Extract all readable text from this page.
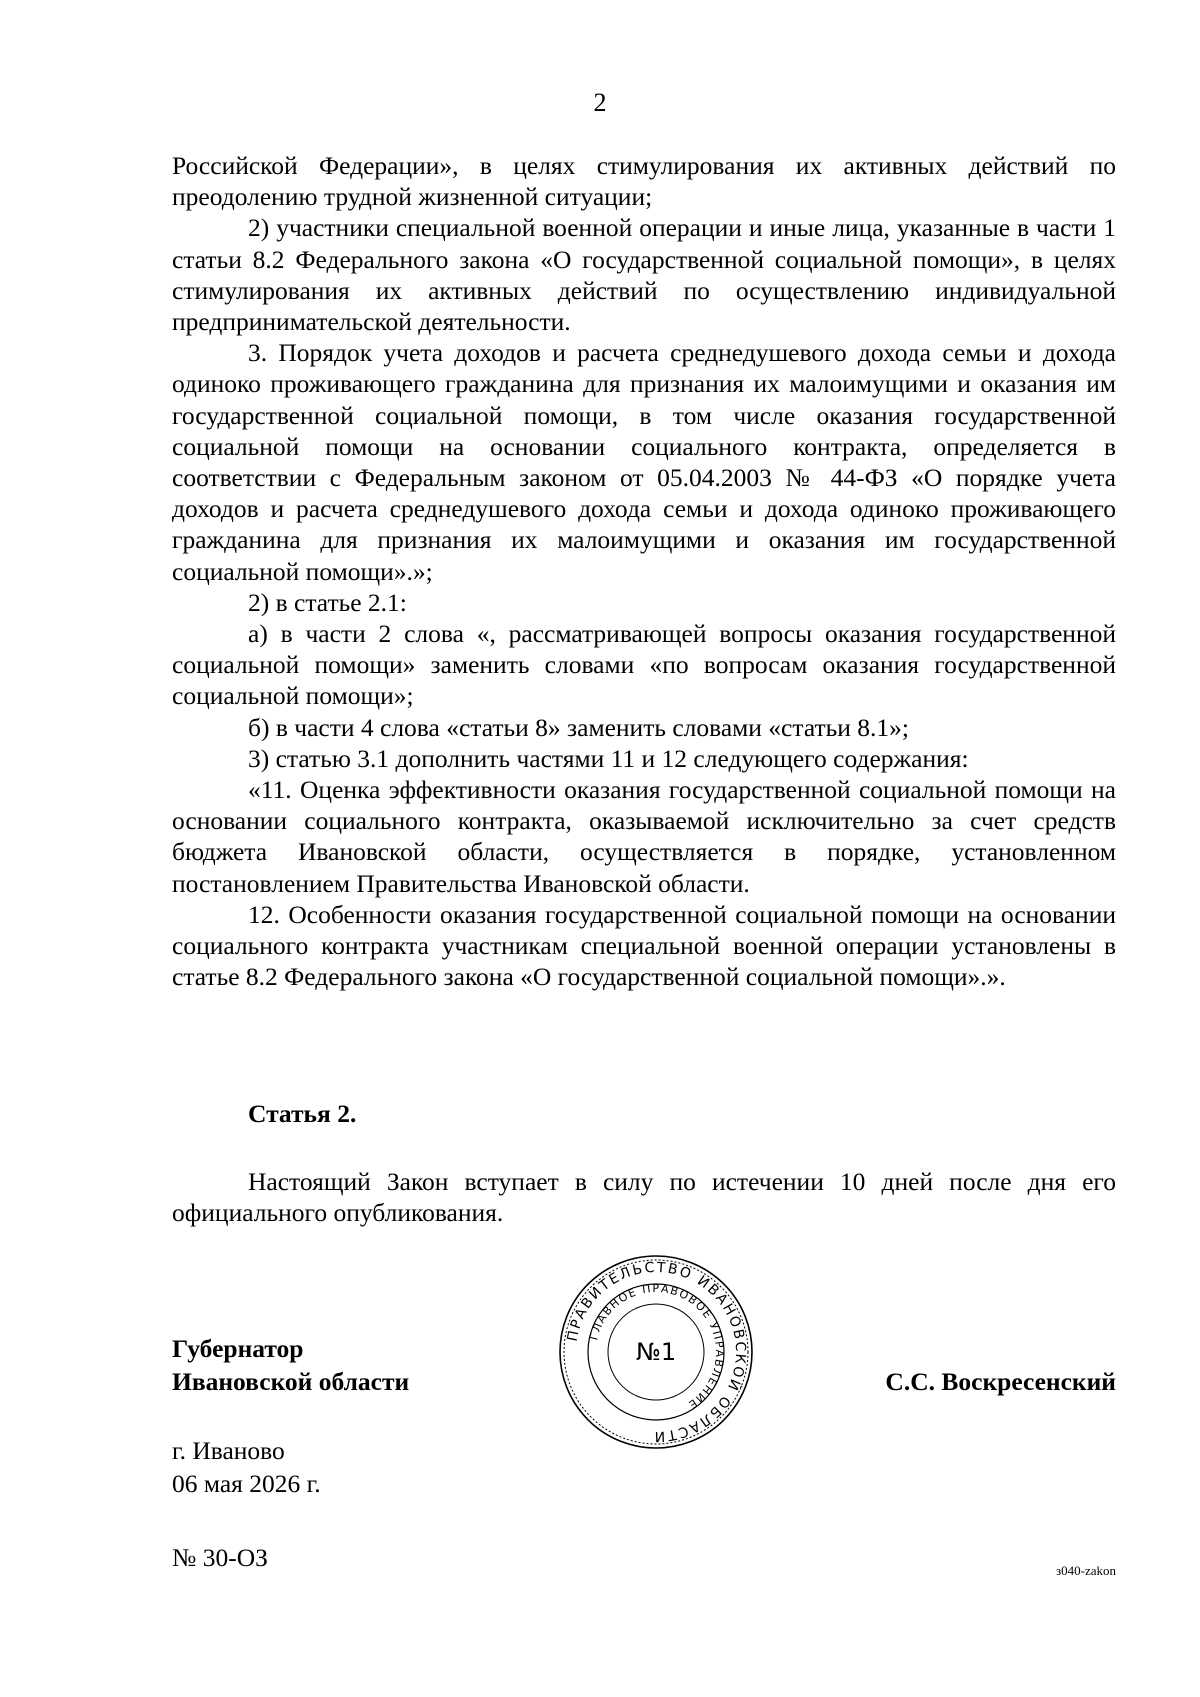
2

Российской Федерации», в целях стимулирования их активных действий по преодолению трудной жизненной ситуации;

2) участники специальной военной операции и иные лица, указанные в части 1 статьи 8.2 Федерального закона «О государственной социальной помощи», в целях стимулирования их активных действий по осуществлению индивидуальной предпринимательской деятельности.

3. Порядок учета доходов и расчета среднедушевого дохода семьи и дохода одиноко проживающего гражданина для признания их малоимущими и оказания им государственной социальной помощи, в том числе оказания государственной социальной помощи на основании социального контракта, определяется в соответствии с Федеральным законом от 05.04.2003 № 44-ФЗ «О порядке учета доходов и расчета среднедушевого дохода семьи и дохода одиноко проживающего гражданина для признания их малоимущими и оказания им государственной социальной помощи».»;

2) в статье 2.1:

а) в части 2 слова «, рассматривающей вопросы оказания государственной социальной помощи» заменить словами «по вопросам оказания государственной социальной помощи»;

б) в части 4 слова «статьи 8» заменить словами «статьи 8.1»;

3) статью 3.1 дополнить частями 11 и 12 следующего содержания:

«11. Оценка эффективности оказания государственной социальной помощи на основании социального контракта, оказываемой исключительно за счет средств бюджета Ивановской области, осуществляется в порядке, установленном постановлением Правительства Ивановской области.

12. Особенности оказания государственной социальной помощи на основании социального контракта участникам специальной военной операции установлены в статье 8.2 Федерального закона «О государственной социальной помощи».».

Статья 2.

Настоящий Закон вступает в силу по истечении 10 дней после дня его официального опубликования.

Губернатор
Ивановской области
ПРАВИТЕЛЬСТВО ИВАНОВСКОЙ ОБЛАСТИ
ГЛАВНОЕ ПРАВОВОЕ УПРАВЛЕНИЕ
№1
С.С. Воскресенский
г. Иваново
06 мая 2026 г.
№ 30-ОЗ	з040-zakon
